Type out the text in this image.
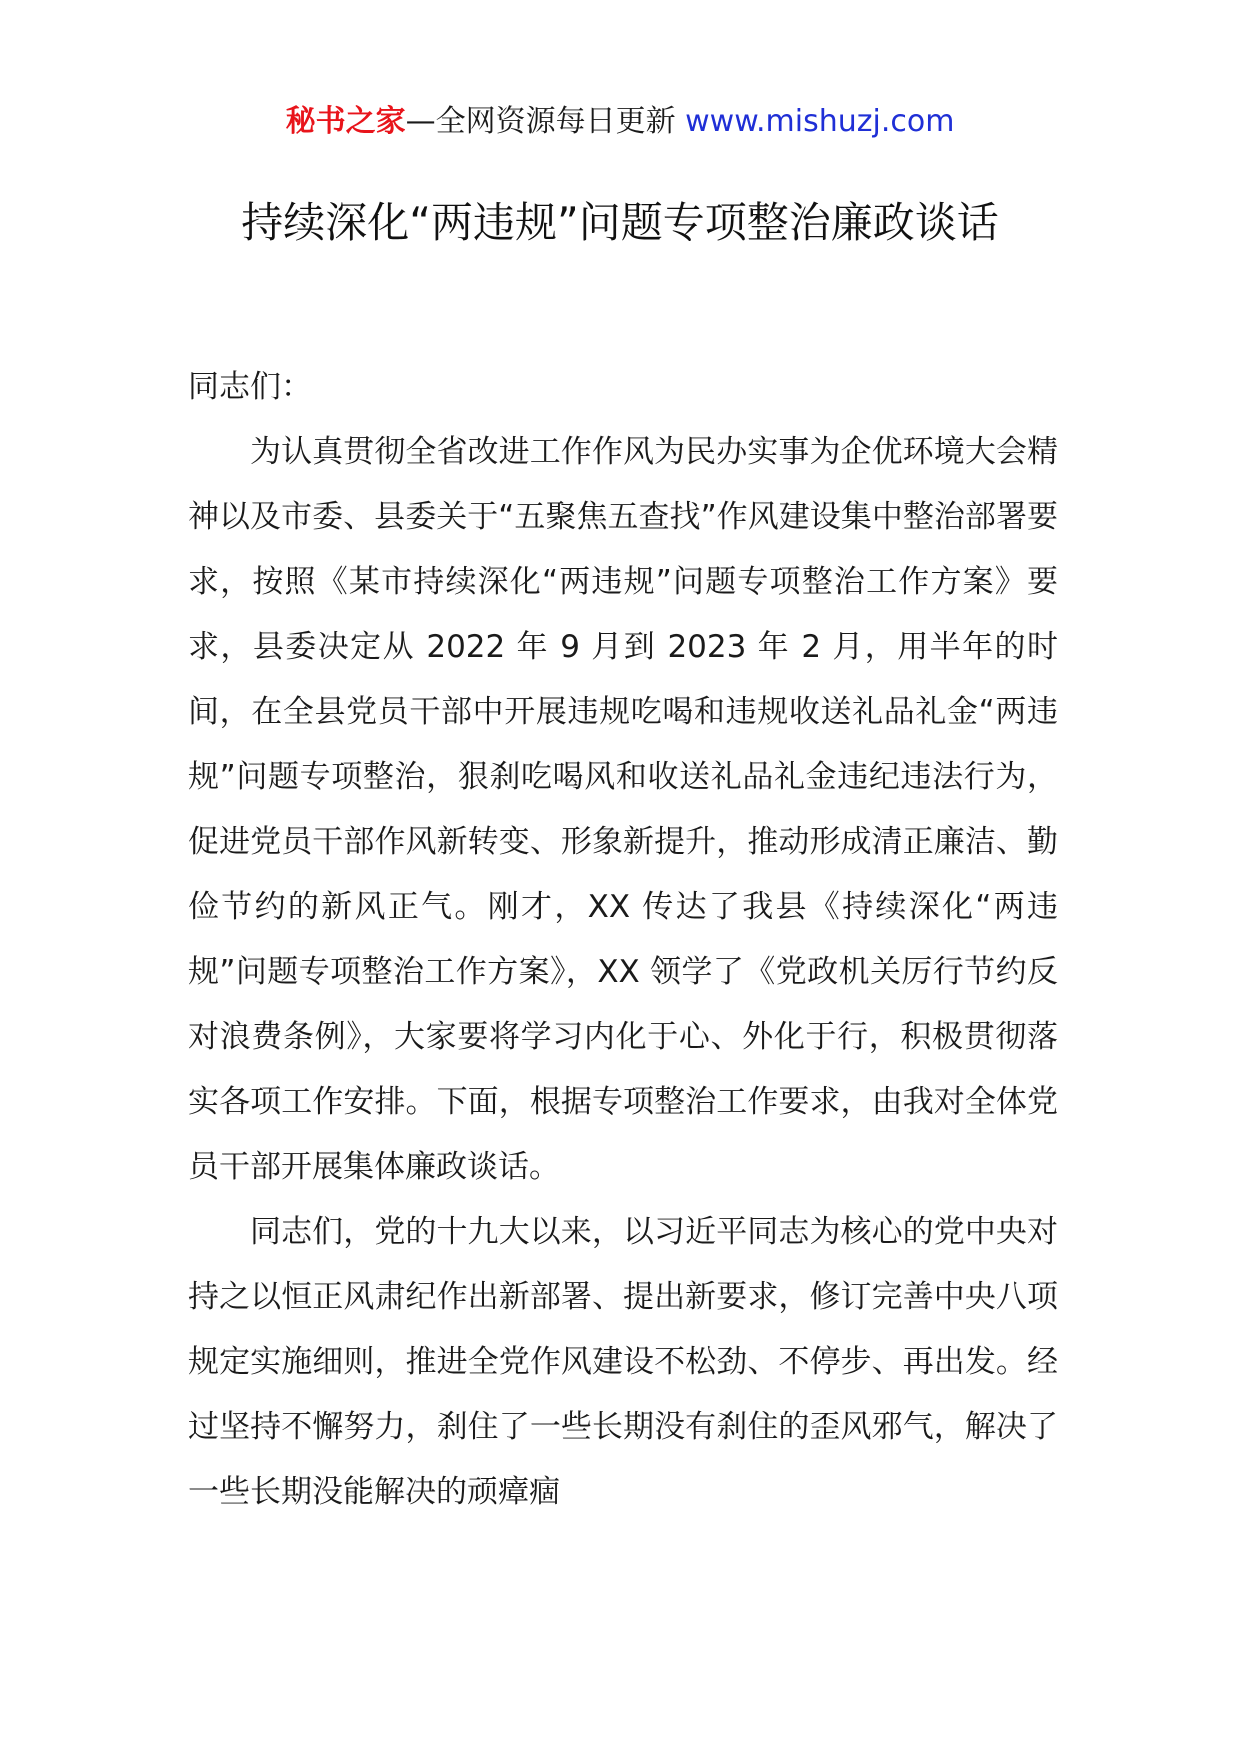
秘书之家—全网资源每日更新 www.mishuzj.com
持续深化“两违规”问题专项整治廉政谈话

同志们：

为认真贯彻全省改进工作作风为民办实事为企优环境大会精神以及市委、县委关于“五聚焦五查找”作风建设集中整治部署要求，按照《某市持续深化“两违规”问题专项整治工作方案》要求，县委决定从 2022 年 9 月到 2023 年 2 月，用半年的时间，在全县党员干部中开展违规吃喝和违规收送礼品礼金“两违规”问题专项整治，狠刹吃喝风和收送礼品礼金违纪违法行为，促进党员干部作风新转变、形象新提升，推动形成清正廉洁、勤俭节约的新风正气。刚才，XX 传达了我县《持续深化“两违规”问题专项整治工作方案》，XX 领学了《党政机关厉行节约反对浪费条例》，大家要将学习内化于心、外化于行，积极贯彻落实各项工作安排。下面，根据专项整治工作要求，由我对全体党员干部开展集体廉政谈话。

同志们，党的十九大以来，以习近平同志为核心的党中央对持之以恒正风肃纪作出新部署、提出新要求，修订完善中央八项规定实施细则，推进全党作风建设不松劲、不停步、再出发。经过坚持不懈努力，刹住了一些长期没有刹住的歪风邪气，解决了一些长期没能解决的顽瘴痼
